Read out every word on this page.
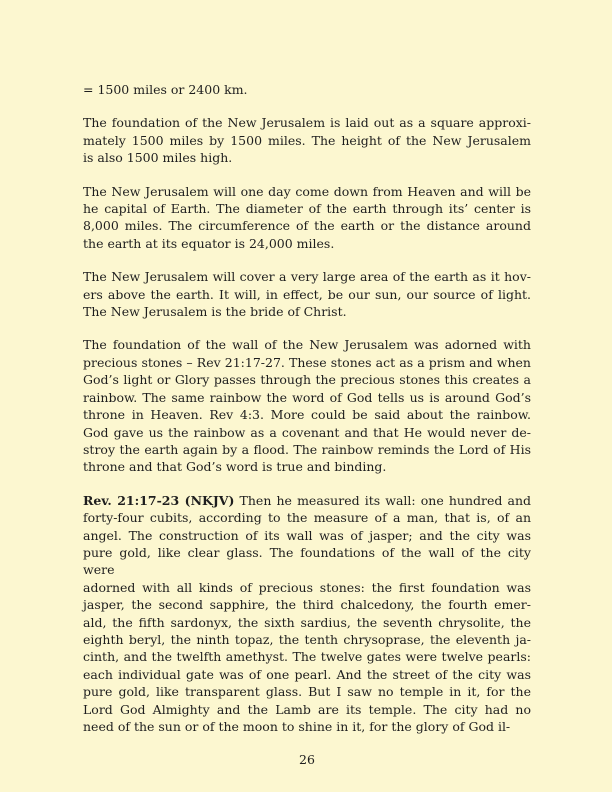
= 1500 miles or 2400 km.
The foundation of the New Jerusalem is laid out as a square approxi-
mately 1500 miles by 1500 miles. The height of the New Jerusalem
is also 1500 miles high.
The New Jerusalem will one day come down from Heaven and will be
he capital of Earth. The diameter of the earth through its’ center is
8,000 miles. The circumference of the earth or the distance around
the earth at its equator is 24,000 miles.
The New Jerusalem will cover a very large area of the earth as it hov-
ers above the earth. It will, in effect, be our sun, our source of light.
The New Jerusalem is the bride of Christ.
The foundation of the wall of the New Jerusalem was adorned with
precious stones – Rev 21:17-27. These stones act as a prism and when
God’s light or Glory passes through the precious stones this creates a
rainbow. The same rainbow the word of God tells us is around God’s
throne in Heaven. Rev 4:3. More could be said about the rainbow.
God gave us the rainbow as a covenant and that He would never de-
stroy the earth again by a flood. The rainbow reminds the Lord of His
throne and that God’s word is true and binding.
Rev. 21:17-23 (NKJV) Then he measured its wall: one hundred and
forty-four cubits, according to the measure of a man, that is, of an
angel. The construction of its wall was of jasper; and the city was
pure gold, like clear glass. The foundations of the wall of the city were
adorned with all kinds of precious stones: the first foundation was
jasper, the second sapphire, the third chalcedony, the fourth emer-
ald, the fifth sardonyx, the sixth sardius, the seventh chrysolite, the
eighth beryl, the ninth topaz, the tenth chrysoprase, the eleventh ja-
cinth, and the twelfth amethyst. The twelve gates were twelve pearls:
each individual gate was of one pearl. And the street of the city was
pure gold, like transparent glass. But I saw no temple in it, for the
Lord God Almighty and the Lamb are its temple. The city had no
need of the sun or of the moon to shine in it, for the glory of God il-
26
